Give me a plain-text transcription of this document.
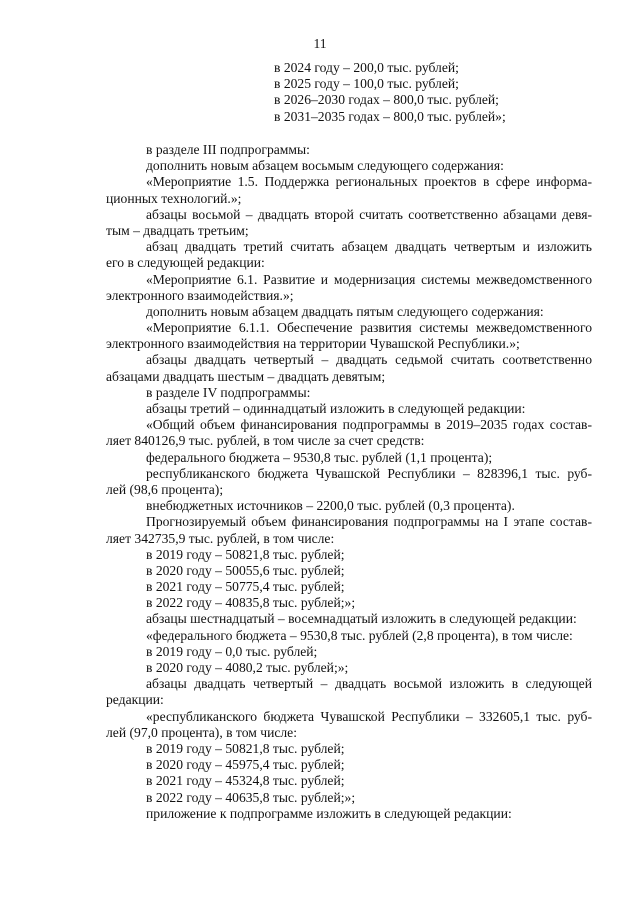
11
в 2024 году – 200,0 тыс. рублей;
в 2025 году – 100,0 тыс. рублей;
в 2026–2030 годах – 800,0 тыс. рублей;
в 2031–2035 годах – 800,0 тыс. рублей»;
в разделе III подпрограммы:
дополнить новым абзацем восьмым следующего содержания:
«Мероприятие 1.5. Поддержка региональных проектов в сфере информа-
ционных технологий.»;
абзацы восьмой – двадцать второй считать соответственно абзацами девя-
тым – двадцать третьим;
абзац двадцать третий считать абзацем двадцать четвертым и изложить
его в следующей редакции:
«Мероприятие 6.1. Развитие и модернизация системы межведомственного
электронного взаимодействия.»;
дополнить новым абзацем двадцать пятым следующего содержания:
«Мероприятие 6.1.1. Обеспечение развития системы межведомственного
электронного взаимодействия на территории Чувашской Республики.»;
абзацы двадцать четвертый – двадцать седьмой считать соответственно
абзацами двадцать шестым – двадцать девятым;
в разделе IV подпрограммы:
абзацы третий – одиннадцатый изложить в следующей редакции:
«Общий объем финансирования подпрограммы в 2019–2035 годах состав-
ляет 840126,9 тыс. рублей, в том числе за счет средств:
федерального бюджета – 9530,8 тыс. рублей (1,1 процента);
республиканского бюджета Чувашской Республики – 828396,1 тыс. руб-
лей (98,6 процента);
внебюджетных источников – 2200,0 тыс. рублей (0,3 процента).
Прогнозируемый объем финансирования подпрограммы на I этапе состав-
ляет 342735,9 тыс. рублей, в том числе:
в 2019 году – 50821,8 тыс. рублей;
в 2020 году – 50055,6 тыс. рублей;
в 2021 году – 50775,4 тыс. рублей;
в 2022 году – 40835,8 тыс. рублей;»;
абзацы шестнадцатый – восемнадцатый изложить в следующей редакции:
«федерального бюджета – 9530,8 тыс. рублей (2,8 процента), в том числе:
в 2019 году – 0,0 тыс. рублей;
в 2020 году – 4080,2 тыс. рублей;»;
абзацы двадцать четвертый – двадцать восьмой изложить в следующей
редакции:
«республиканского бюджета Чувашской Республики – 332605,1 тыс. руб-
лей (97,0 процента), в том числе:
в 2019 году – 50821,8 тыс. рублей;
в 2020 году – 45975,4 тыс. рублей;
в 2021 году – 45324,8 тыс. рублей;
в 2022 году – 40635,8 тыс. рублей;»;
приложение к подпрограмме изложить в следующей редакции:
